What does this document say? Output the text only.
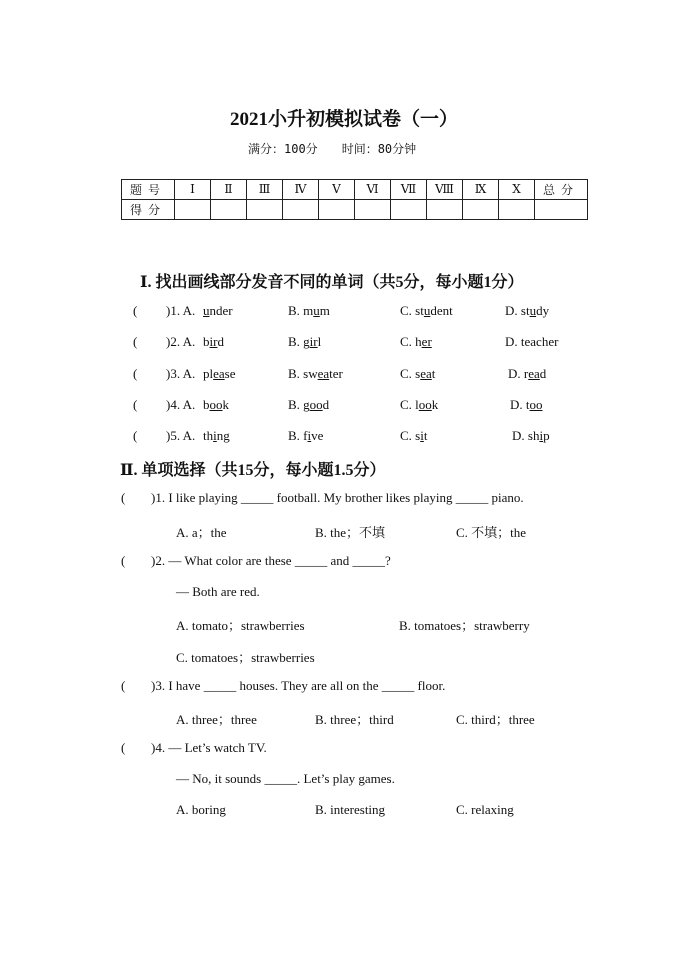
2021小升初模拟试卷（一）
满分：100分 时间：80分钟
题号	Ⅰ	Ⅱ	Ⅲ	Ⅳ	Ⅴ	Ⅵ	Ⅶ	Ⅷ	Ⅸ	Ⅹ	总分
得分											
Ⅰ. 找出画线部分发音不同的单词（共5分，每小题1分）
( )1. A. under	B. mum	C. student	D. study
( )2. A. bird	B. girl	C. her	D. teacher
( )3. A. please	B. sweater	C. seat	D. read
( )4. A. book	B. good	C. look	D. too
( )5. A. thing	B. five	C. sit	D. ship
Ⅱ. 单项选择（共15分，每小题1.5分）
( )1. I like playing _____ football. My brother likes playing _____ piano.
A. a；the	B. the；不填	C. 不填；the
( )2. — What color are these _____ and _____?
— Both are red.
A. tomato；strawberries	B. tomatoes；strawberry
C. tomatoes；strawberries
( )3. I have _____ houses. They are all on the _____ floor.
A. three；three	B. three；third	C. third；three
( )4. — Let’s watch TV.
— No, it sounds _____. Let’s play games.
A. boring	B. interesting	C. relaxing
